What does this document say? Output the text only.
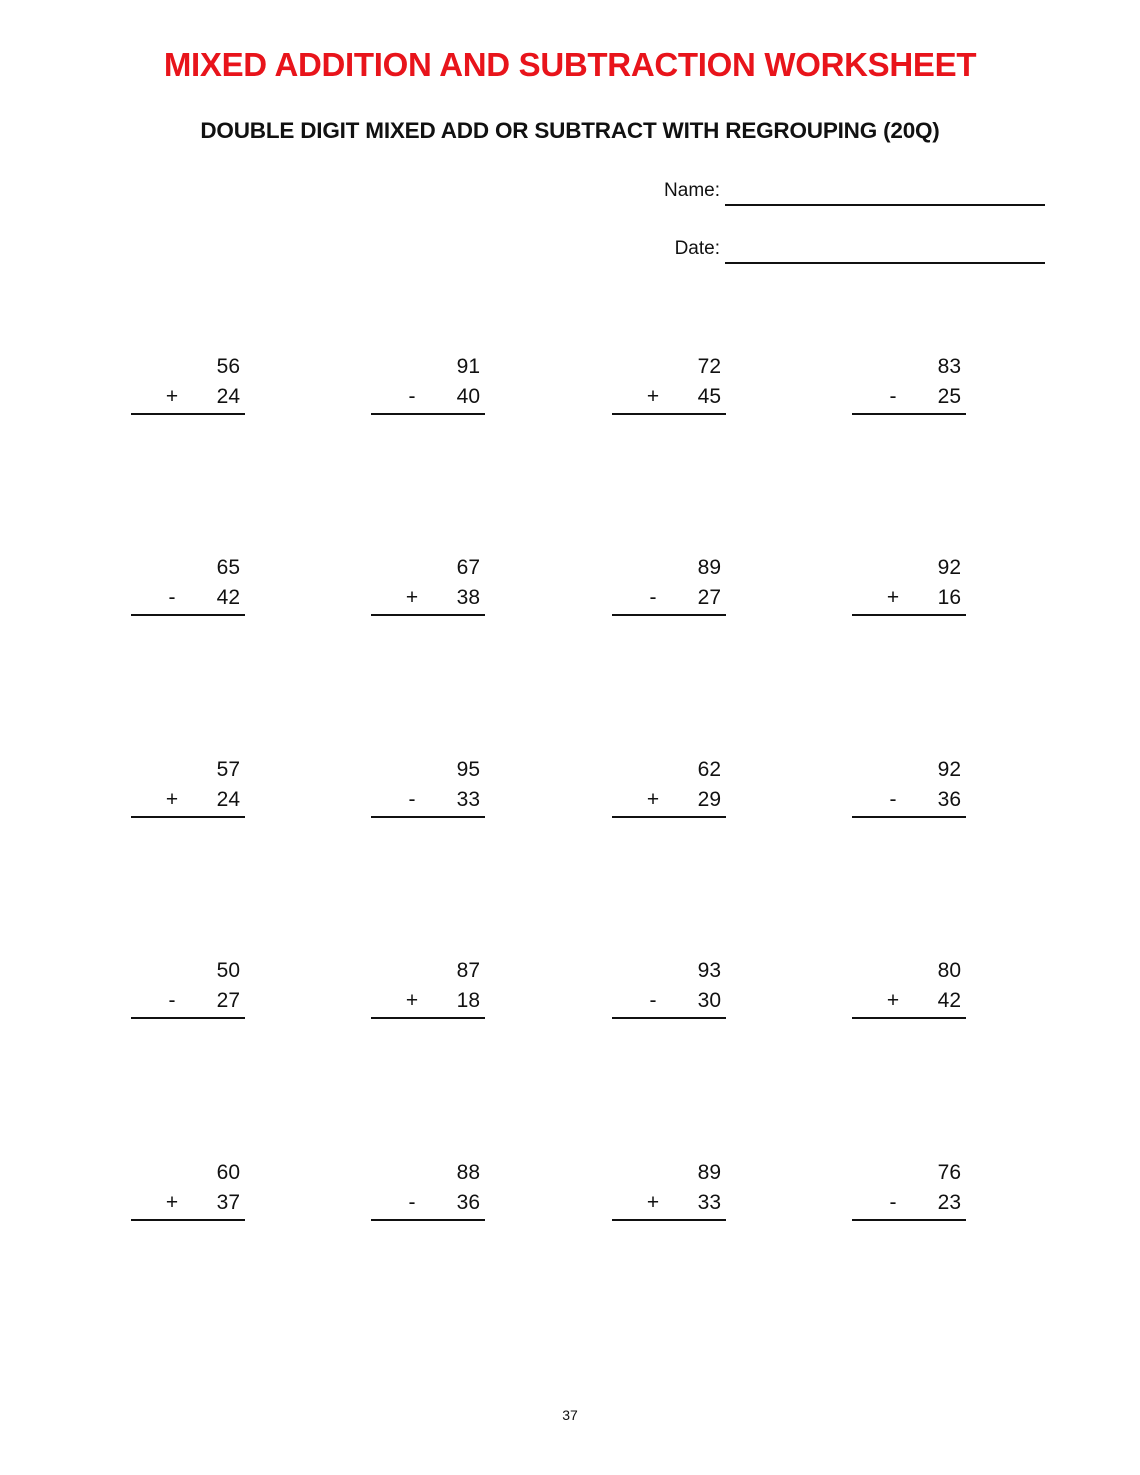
MIXED ADDITION AND SUBTRACTION WORKSHEET
DOUBLE DIGIT MIXED ADD OR SUBTRACT WITH REGROUPING (20Q)
Name:
Date:
56
+ 24
91
- 40
72
+ 45
83
- 25
65
- 42
67
+ 38
89
- 27
92
+ 16
57
+ 24
95
- 33
62
+ 29
92
- 36
50
- 27
87
+ 18
93
- 30
80
+ 42
60
+ 37
88
- 36
89
+ 33
76
- 23
37
